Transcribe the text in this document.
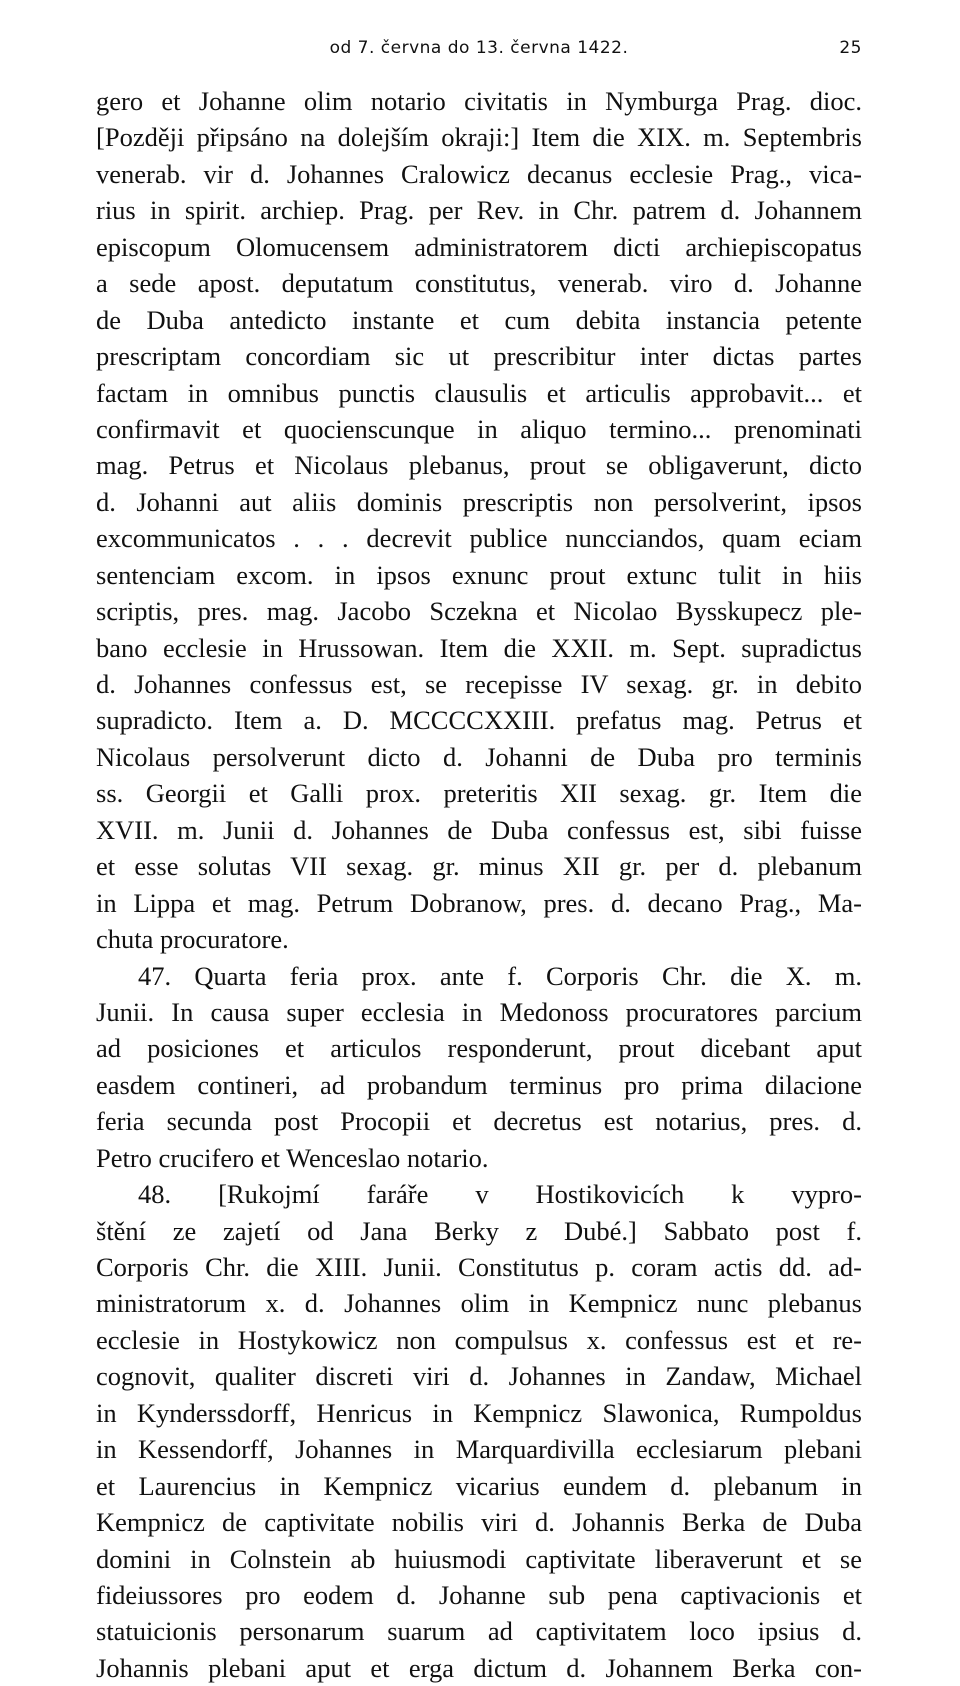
od 7. června do 13. června 1422.	25
gero et Johanne olim notario civitatis in Nymburga Prag. dioc.
[Později připsáno na dolejším okraji:] Item die XIX. m. Septembris
venerab. vir d. Johannes Cralowicz decanus ecclesie Prag., vica-
rius in spirit. archiep. Prag. per Rev. in Chr. patrem d. Johannem
episcopum Olomucensem administratorem dicti archiepiscopatus
a sede apost. deputatum constitutus, venerab. viro d. Johanne
de Duba antedicto instante et cum debita instancia petente
prescriptam concordiam sic ut prescribitur inter dictas partes
factam in omnibus punctis clausulis et articulis approbavit... et
confirmavit et quocienscunque in aliquo termino... prenominati
mag. Petrus et Nicolaus plebanus, prout se obligaverunt, dicto
d. Johanni aut aliis dominis prescriptis non persolverint, ipsos
excommunicatos . . . decrevit publice nuncciandos, quam eciam
sentenciam excom. in ipsos exnunc prout extunc tulit in hiis
scriptis, pres. mag. Jacobo Sczekna et Nicolao Bysskupecz ple-
bano ecclesie in Hrussowan. Item die XXII. m. Sept. supradictus
d. Johannes confessus est, se recepisse IV sexag. gr. in debito
supradicto. Item a. D. MCCCCXXIII. prefatus mag. Petrus et
Nicolaus persolverunt dicto d. Johanni de Duba pro terminis
ss. Georgii et Galli prox. preteritis XII sexag. gr. Item die
XVII. m. Junii d. Johannes de Duba confessus est, sibi fuisse
et esse solutas VII sexag. gr. minus XII gr. per d. plebanum
in Lippa et mag. Petrum Dobranow, pres. d. decano Prag., Ma-
chuta procuratore.
47. Quarta feria prox. ante f. Corporis Chr. die X. m.
Junii. In causa super ecclesia in Medonoss procuratores parcium
ad posiciones et articulos responderunt, prout dicebant aput
easdem contineri, ad probandum terminus pro prima dilacione
feria secunda post Procopii et decretus est notarius, pres. d.
Petro crucifero et Wenceslao notario.
48. [Rukojmí faráře v Hostikovicích k vypro-
štění ze zajetí od Jana Berky z Dubé.] Sabbato post f.
Corporis Chr. die XIII. Junii. Constitutus p. coram actis dd. ad-
ministratorum x. d. Johannes olim in Kempnicz nunc plebanus
ecclesie in Hostykowicz non compulsus x. confessus est et re-
cognovit, qualiter discreti viri d. Johannes in Zandaw, Michael
in Kynderssdorff, Henricus in Kempnicz Slawonica, Rumpoldus
in Kessendorff, Johannes in Marquardivilla ecclesiarum plebani
et Laurencius in Kempnicz vicarius eundem d. plebanum in
Kempnicz de captivitate nobilis viri d. Johannis Berka de Duba
domini in Colnstein ab huiusmodi captivitate liberaverunt et se
fideiussores pro eodem d. Johanne sub pena captivacionis et
statuicionis personarum suarum ad captivitatem loco ipsius d.
Johannis plebani aput et erga dictum d. Johannem Berka con-
